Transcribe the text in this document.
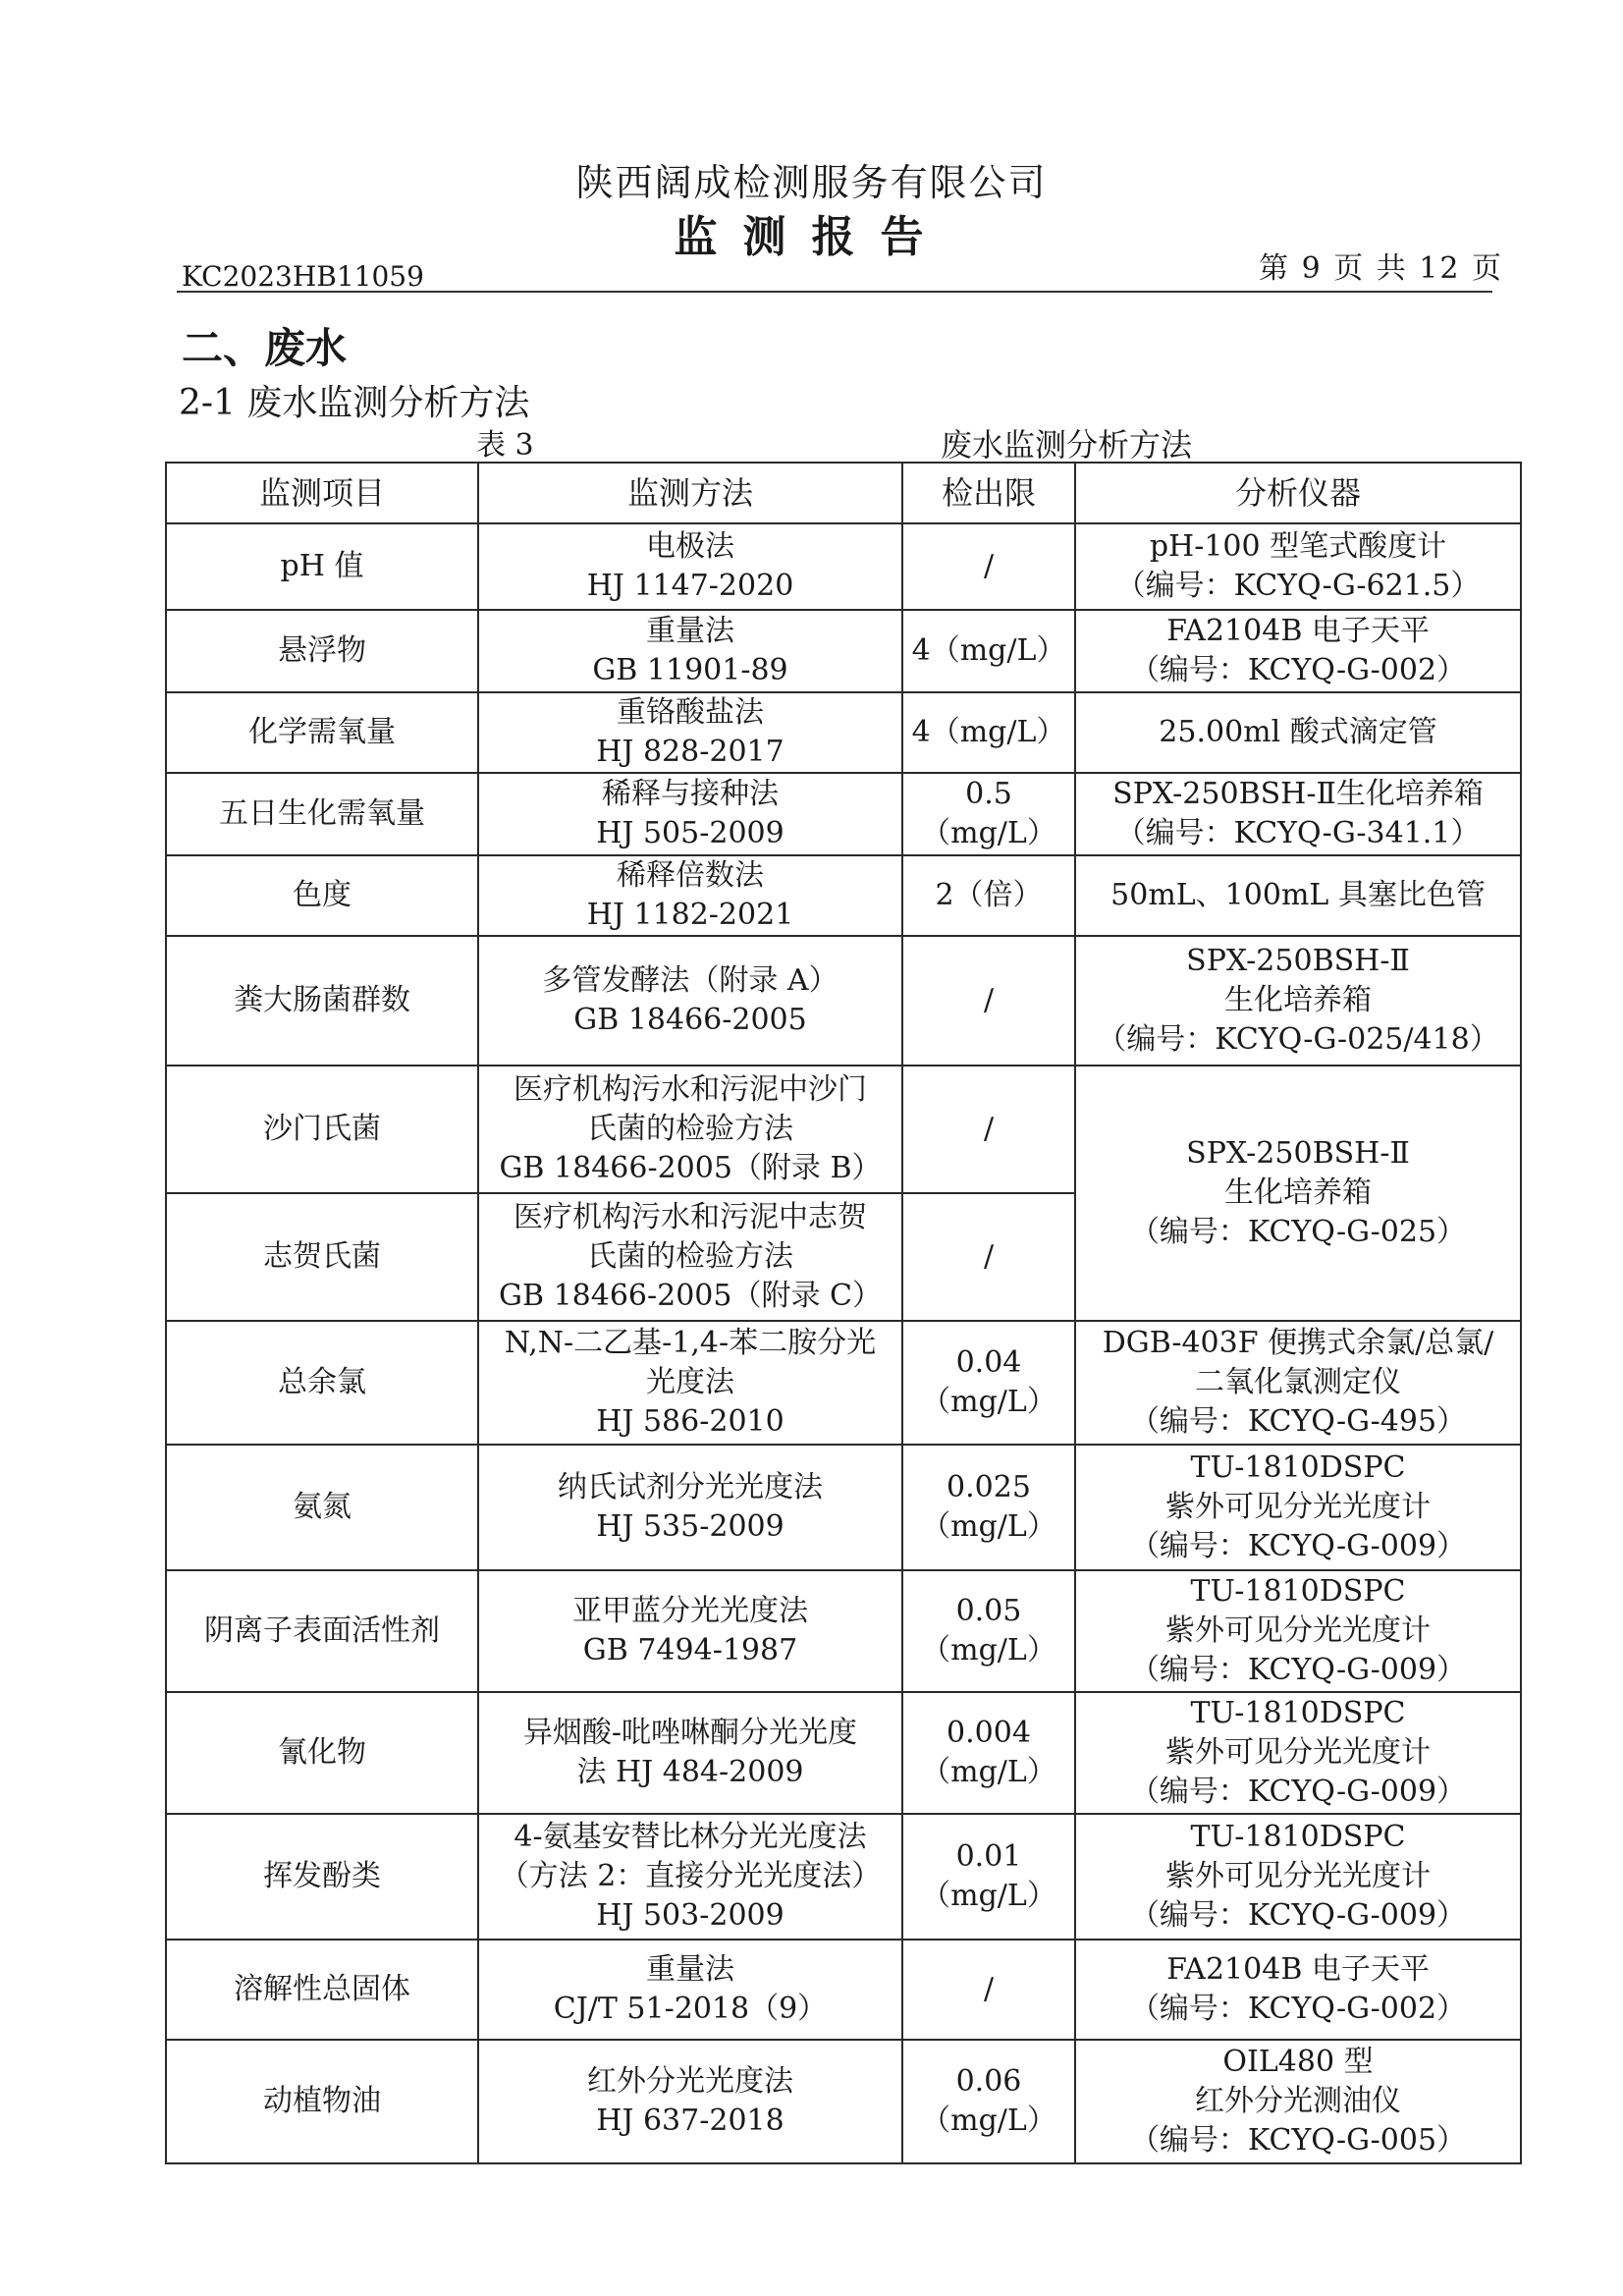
陕西阔成检测服务有限公司
监测报告
KC2023HB11059	第 9 页 共 12 页
二、废水
2-1 废水监测分析方法
表 3	废水监测分析方法
监测项目	监测方法	检出限	分析仪器
pH 值	电极法
HJ 1147-2020	/	pH-100 型笔式酸度计
（编号：KCYQ-G-621.5）

悬浮物	重量法
GB 11901-89	4（mg/L）	FA2104B 电子天平
（编号：KCYQ-G-002）

化学需氧量	重铬酸盐法
HJ 828-2017	4（mg/L）	25.00ml 酸式滴定管

五日生化需氧量	稀释与接种法
HJ 505-2009	0.5
（mg/L）	SPX-250BSH-Ⅱ生化培养箱
（编号：KCYQ-G-341.1）

色度	稀释倍数法
HJ 1182-2021	2（倍）	50mL、100mL 具塞比色管

粪大肠菌群数	多管发酵法（附录 A）
GB 18466-2005	/	SPX-250BSH-Ⅱ
生化培养箱
（编号：KCYQ-G-025/418）

沙门氏菌	医疗机构污水和污泥中沙门
氏菌的检验方法
GB 18466-2005（附录 B）	/	SPX-250BSH-Ⅱ
生化培养箱
（编号：KCYQ-G-025）

志贺氏菌	医疗机构污水和污泥中志贺
氏菌的检验方法
GB 18466-2005（附录 C）	/	

总余氯	N,N-二乙基-1,4-苯二胺分光
光度法
HJ 586-2010	0.04
（mg/L）	DGB-403F 便携式余氯/总氯/
二氧化氯测定仪
（编号：KCYQ-G-495）

氨氮	纳氏试剂分光光度法
HJ 535-2009	0.025
（mg/L）	TU-1810DSPC
紫外可见分光光度计
（编号：KCYQ-G-009）

阴离子表面活性剂	亚甲蓝分光光度法
GB 7494-1987	0.05
（mg/L）	TU-1810DSPC
紫外可见分光光度计
（编号：KCYQ-G-009）

氰化物	异烟酸-吡唑啉酮分光光度
法 HJ 484-2009	0.004
（mg/L）	TU-1810DSPC
紫外可见分光光度计
（编号：KCYQ-G-009）

挥发酚类	4-氨基安替比林分光光度法
（方法 2：直接分光光度法）
HJ 503-2009	0.01
（mg/L）	TU-1810DSPC
紫外可见分光光度计
（编号：KCYQ-G-009）

溶解性总固体	重量法
CJ/T 51-2018（9）	/	FA2104B 电子天平
（编号：KCYQ-G-002）

动植物油	红外分光光度法
HJ 637-2018	0.06
（mg/L）	OIL480 型
红外分光测油仪
（编号：KCYQ-G-005）
